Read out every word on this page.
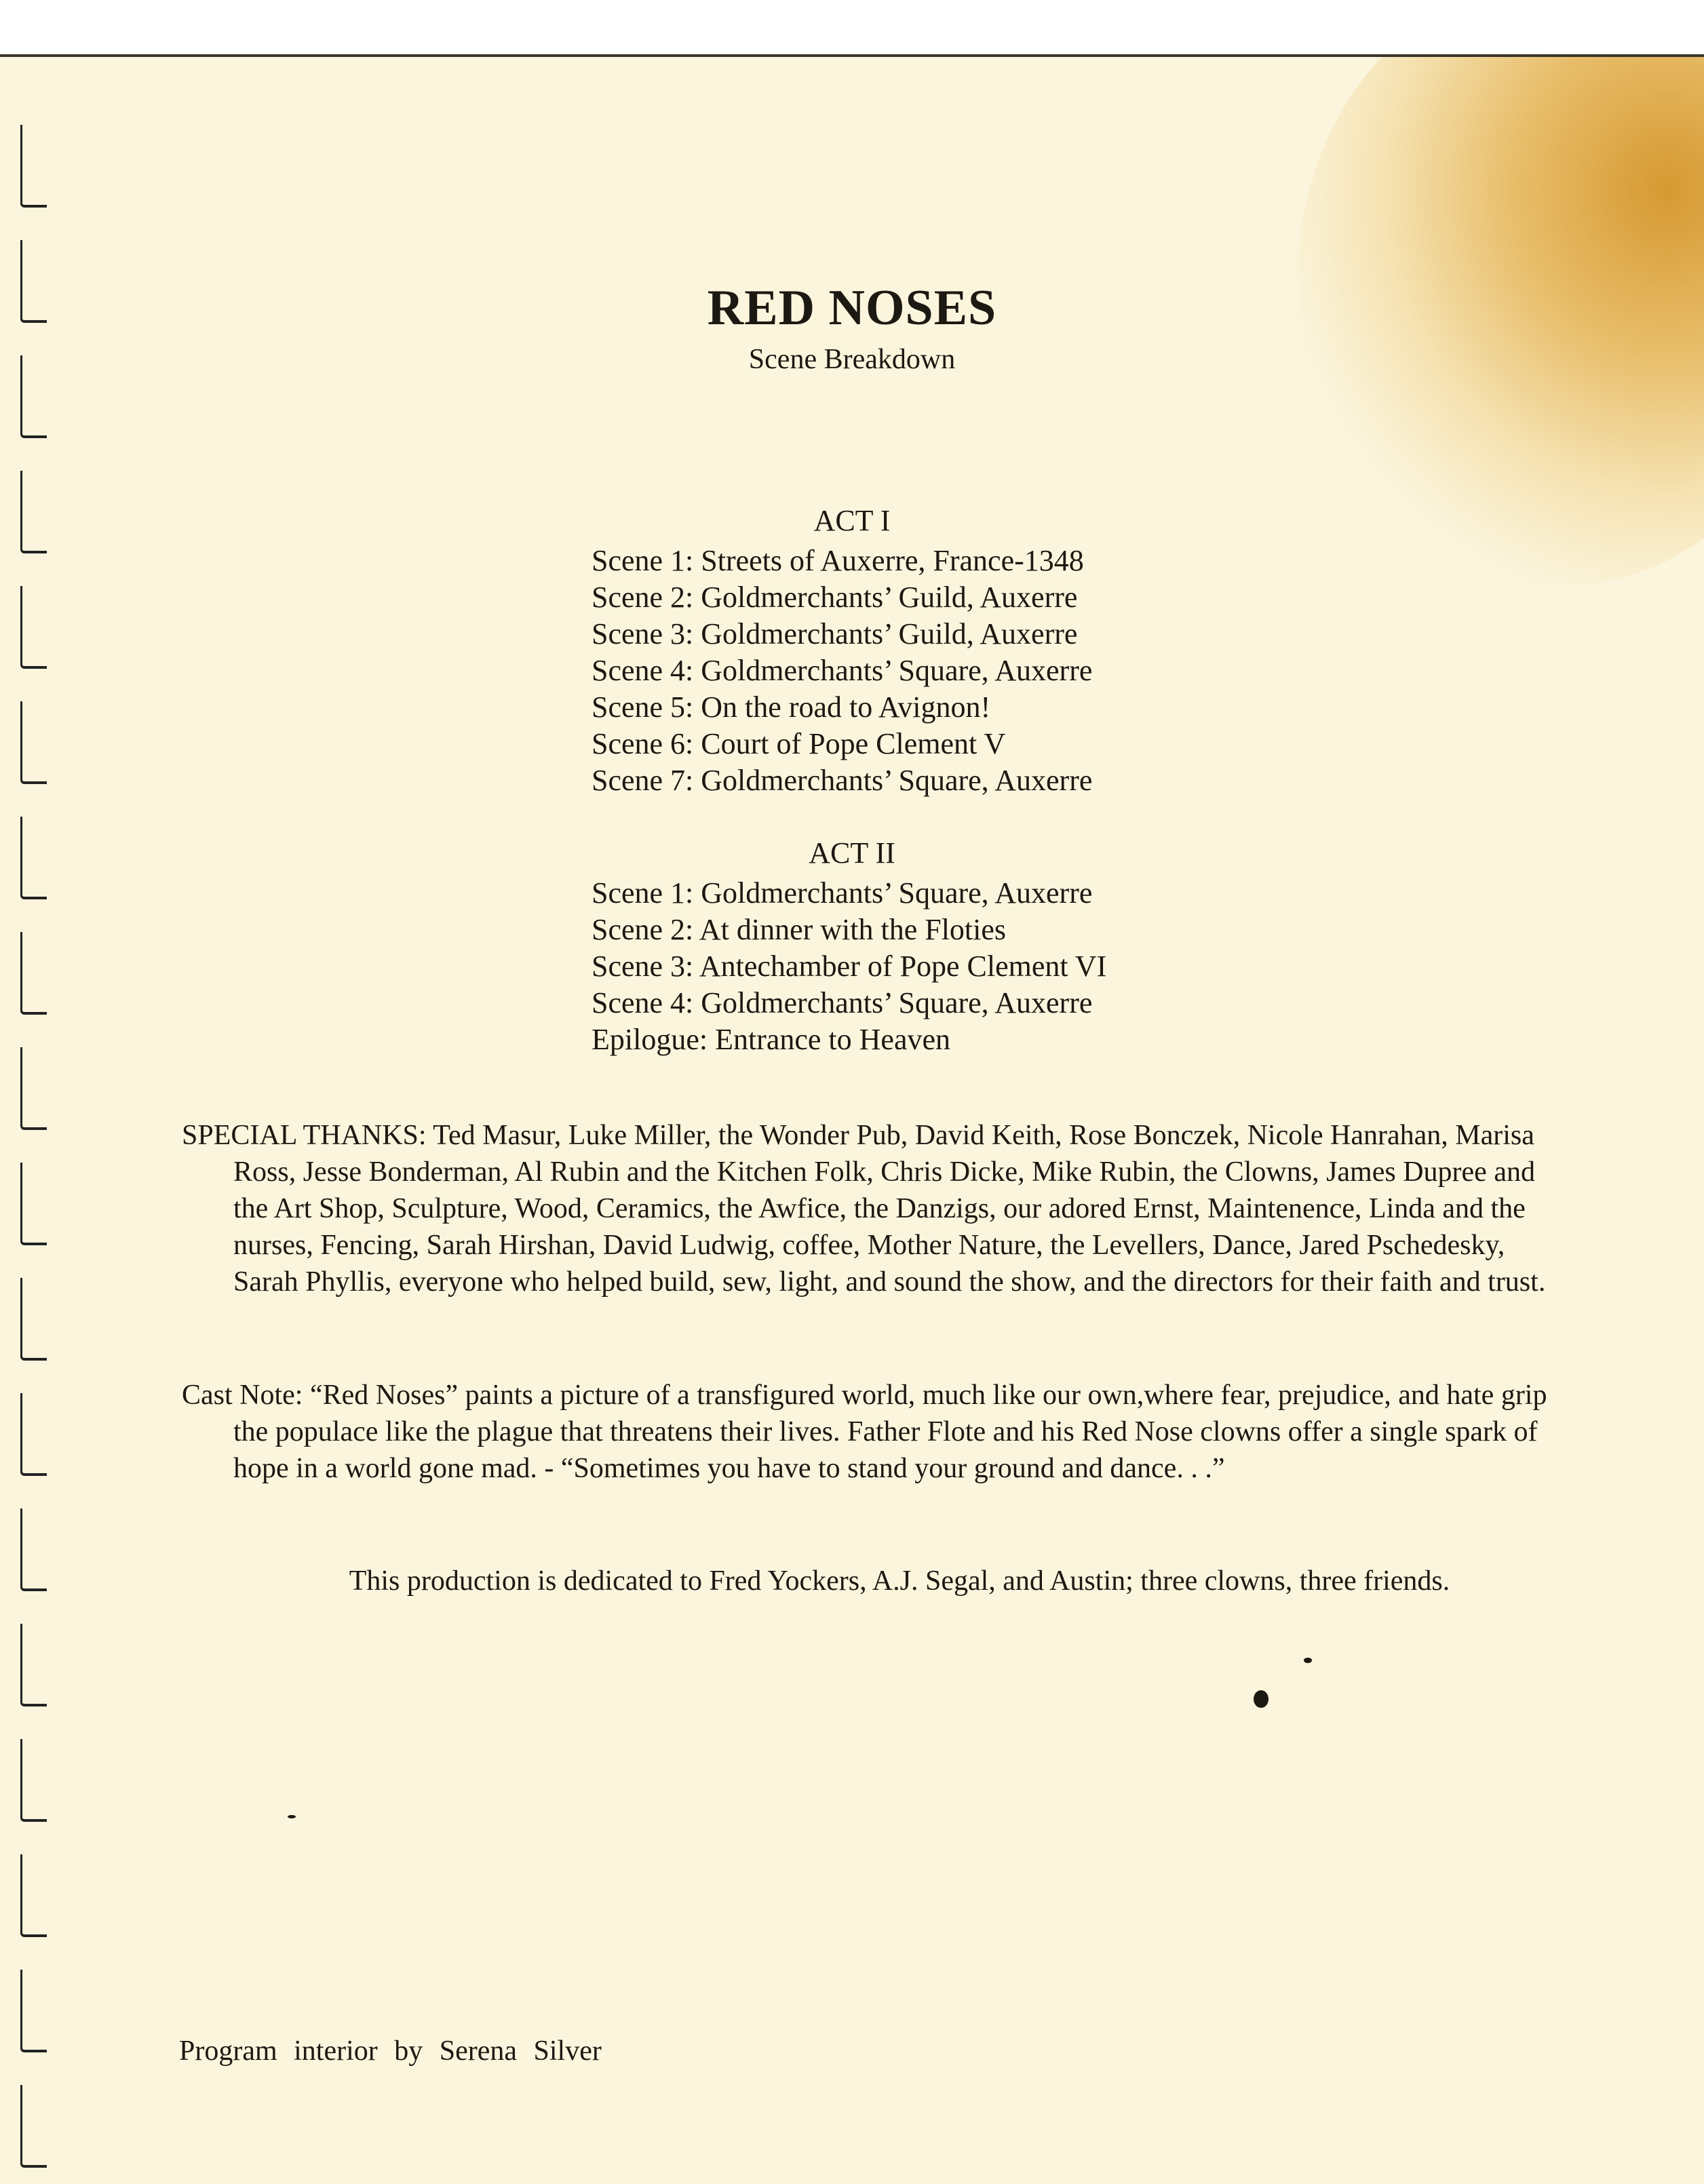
RED NOSES
Scene Breakdown
ACT I
Scene 1: Streets of Auxerre, France-1348
Scene 2: Goldmerchants’ Guild, Auxerre
Scene 3: Goldmerchants’ Guild, Auxerre
Scene 4: Goldmerchants’ Square, Auxerre
Scene 5: On the road to Avignon!
Scene 6: Court of Pope Clement V
Scene 7: Goldmerchants’ Square, Auxerre
ACT II
Scene 1: Goldmerchants’ Square, Auxerre
Scene 2: At dinner with the Floties
Scene 3: Antechamber of Pope Clement VI
Scene 4: Goldmerchants’ Square, Auxerre
Epilogue: Entrance to Heaven
SPECIAL THANKS: Ted Masur, Luke Miller, the Wonder Pub, David Keith, Rose Bonczek, Nicole Hanrahan, Marisa Ross, Jesse Bonderman, Al Rubin and the Kitchen Folk, Chris Dicke, Mike Rubin, the Clowns, James Dupree and the Art Shop, Sculpture, Wood, Ceramics, the Awfice, the Danzigs, our adored Ernst, Maintenence, Linda and the nurses, Fencing, Sarah Hirshan, David Ludwig, coffee, Mother Nature, the Levellers, Dance, Jared Pschedesky, Sarah Phyllis, everyone who helped build, sew, light, and sound the show, and the directors for their faith and trust.
Cast Note: “Red Noses” paints a picture of a transfigured world, much like our own,where fear, prejudice, and hate grip the populace like the plague that threatens their lives. Father Flote and his Red Nose clowns offer a single spark of hope in a world gone mad. - “Sometimes you have to stand your ground and dance. . .”
This production is dedicated to Fred Yockers, A.J. Segal, and Austin; three clowns, three friends.
Program interior by Serena Silver
